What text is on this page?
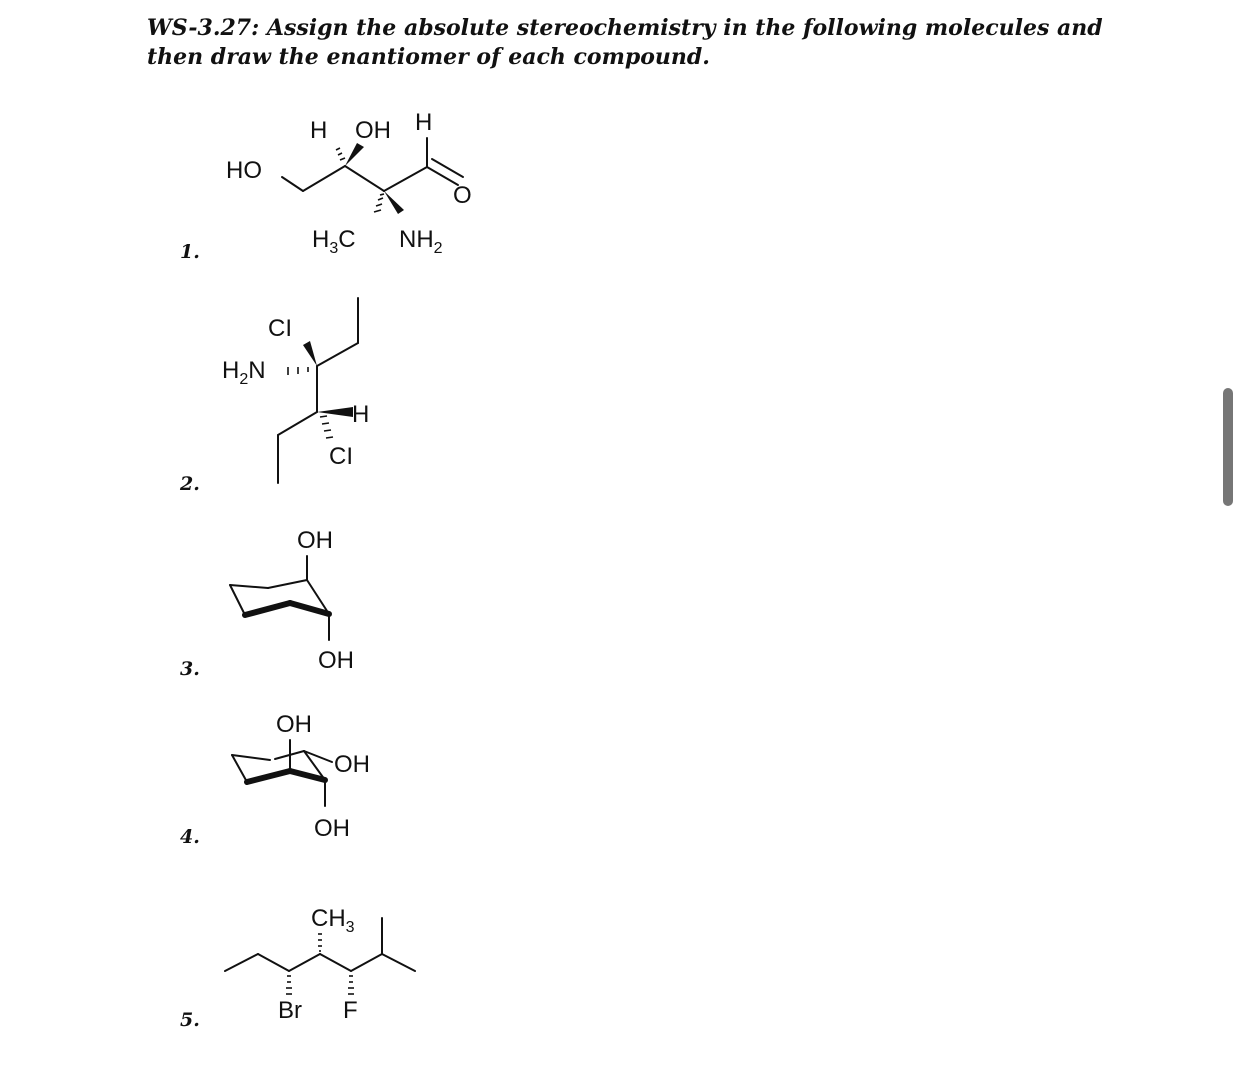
WS-3.27: Assign the absolute stereochemistry in the following molecules and then draw the enantiomer of each compound.
1.
2.
3.
4.
5.
HO
O
H OH H
$H_3C$ $NH_2$
CI
$H_2N$
H
CI
OH
OH
OH
OH
OH
$CH_3$
Br F
